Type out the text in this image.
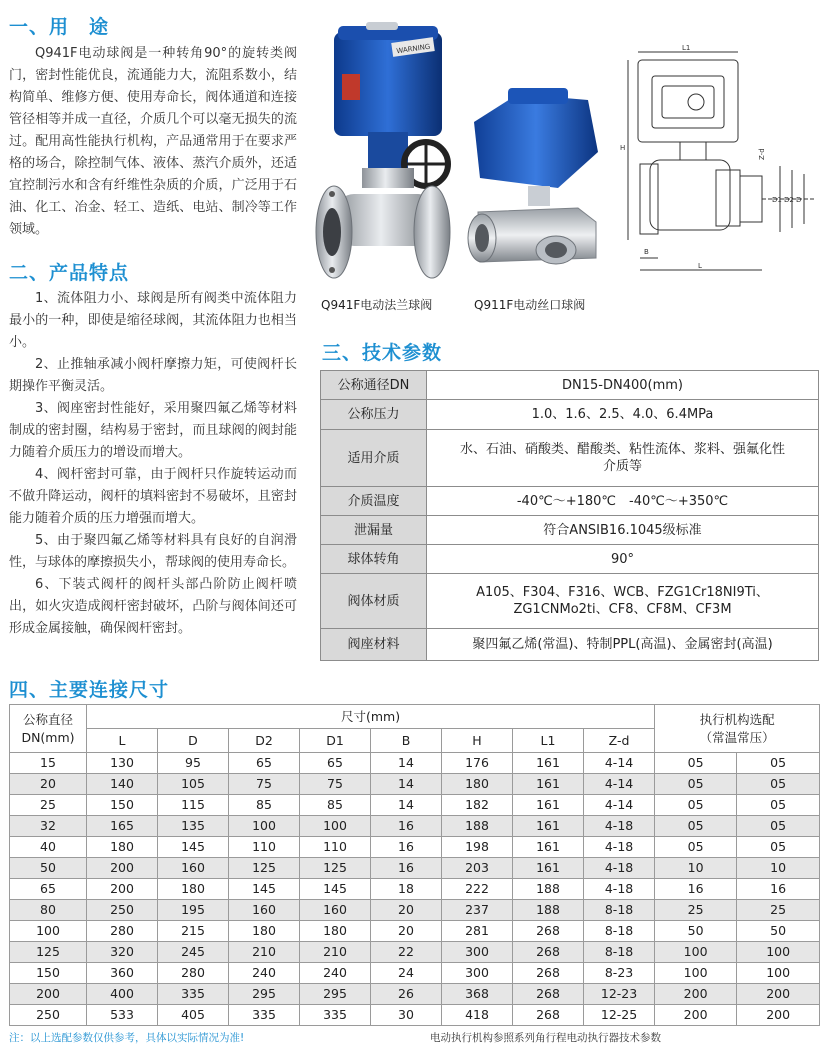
一、用　途
Q941F电动球阀是一种转角90°的旋转类阀门，密封性能优良，流通能力大，流阻系数小，结构简单、维修方便、使用寿命长，阀体通道和连接管径相等并成一直径，介质几个可以毫无损失的流过。配用高性能执行机构，产品通常用于在要求严格的场合，除控制气体、液体、蒸汽介质外，还适宜控制污水和含有纤维性杂质的介质，广泛用于石油、化工、冶金、轻工、造纸、电站、制冷等工作领域。
二、产品特点

1、流体阻力小、球阀是所有阀类中流体阻力最小的一种，即使是缩径球阀，其流体阻力也相当小。

2、止推轴承减小阀杆摩擦力矩，可使阀杆长期操作平衡灵活。

3、阀座密封性能好，采用聚四氟乙烯等材料制成的密封圈，结构易于密封，而且球阀的阀封能力随着介质压力的增设而增大。

4、阀杆密封可靠，由于阀杆只作旋转运动而不做升降运动，阀杆的填料密封不易破坏，且密封能力随着介质的压力增强而增大。

5、由于聚四氟乙烯等材料具有良好的自润滑性，与球体的摩擦损失小，帮球阀的使用寿命长。

6、下装式阀杆的阀杆头部凸阶防止阀杆喷出，如火灾造成阀杆密封破坏，凸阶与阀体间还可形成金属接触，确保阀杆密封。

WARNING
Q941F电动法兰球阀	Q911F电动丝口球阀
L1
H
Z-d
D1 D2 D
B
L
三、技术参数
公称通径DN	DN15-DN400(mm)
公称压力	1.0、1.6、2.5、4.0、6.4MPa
适用介质	水、石油、硝酸类、醋酸类、粘性流体、浆料、强氟化性介质等
介质温度	-40℃～+180℃　-40℃～+350℃
泄漏量	符合ANSIB16.1045级标准
球体转角	90°
阀体材质	A105、F304、F316、WCB、FZG1Cr18NI9Ti、ZG1CNMo2ti、CF8、CF8M、CF3M
阀座材料	聚四氟乙烯(常温)、特制PPL(高温)、金属密封(高温)
四、主要连接尺寸
公称直径
DN(mm)	尺寸(mm)								执行机构选配
（常温常压）	
	L	D	D2	D1	B	H	L1	Z-d		
15	130	95	65	65	14	176	161	4-14	05	05
20	140	105	75	75	14	180	161	4-14	05	05
25	150	115	85	85	14	182	161	4-14	05	05
32	165	135	100	100	16	188	161	4-18	05	05
40	180	145	110	110	16	198	161	4-18	05	05
50	200	160	125	125	16	203	161	4-18	10	10
65	200	180	145	145	18	222	188	4-18	16	16
80	250	195	160	160	20	237	188	8-18	25	25
100	280	215	180	180	20	281	268	8-18	50	50
125	320	245	210	210	22	300	268	8-18	100	100
150	360	280	240	240	24	300	268	8-23	100	100
200	400	335	295	295	26	368	268	12-23	200	200
250	533	405	335	335	30	418	268	12-25	200	200
注：以上选配参数仅供参考，具体以实际情况为准!	电动执行机构参照系列角行程电动执行器技术参数
